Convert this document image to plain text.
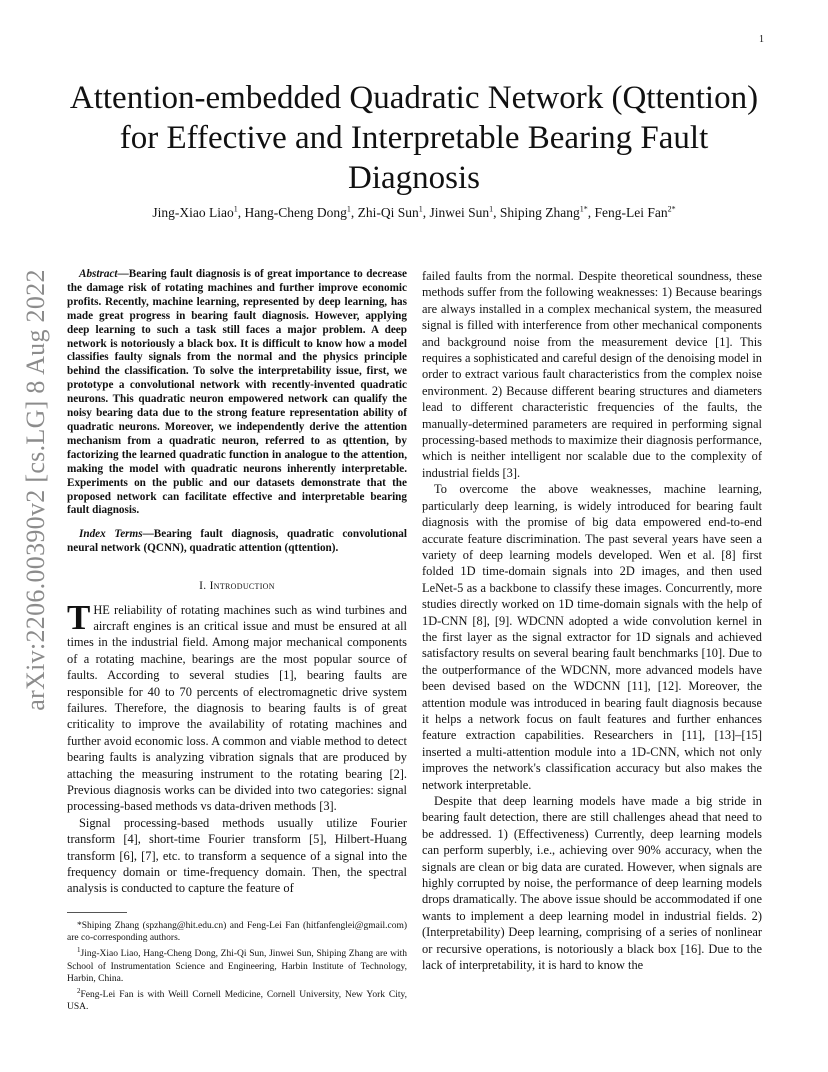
1
arXiv:2206.00390v2 [cs.LG] 8 Aug 2022
Attention-embedded Quadratic Network (Qttention) for Effective and Interpretable Bearing Fault Diagnosis
Jing-Xiao Liao$^1$, Hang-Cheng Dong$^1$, Zhi-Qi Sun$^1$, Jinwei Sun$^1$, Shiping Zhang$^{1*}$, Feng-Lei Fan$^{2*}$

Abstract—Bearing fault diagnosis is of great importance to decrease the damage risk of rotating machines and further improve economic profits. Recently, machine learning, represented by deep learning, has made great progress in bearing fault diagnosis. However, applying deep learning to such a task still faces a major problem. A deep network is notoriously a black box. It is difficult to know how a model classifies faulty signals from the normal and the physics principle behind the classification. To solve the interpretability issue, first, we prototype a convolutional network with recently-invented quadratic neurons. This quadratic neuron empowered network can qualify the noisy bearing data due to the strong feature representation ability of quadratic neurons. Moreover, we independently derive the attention mechanism from a quadratic neuron, referred to as qttention, by factorizing the learned quadratic function in analogue to the attention, making the model with quadratic neurons inherently interpretable. Experiments on the public and our datasets demonstrate that the proposed network can facilitate effective and interpretable bearing fault diagnosis.

Index Terms—Bearing fault diagnosis, quadratic convolutional neural network (QCNN), quadratic attention (qttention).

I. Introduction

THE reliability of rotating machines such as wind turbines and aircraft engines is an critical issue and must be ensured at all times in the industrial field. Among major mechanical components of a rotating machine, bearings are the most popular source of faults. According to several studies [1], bearing faults are responsible for 40 to 70 percents of electromagnetic drive system failures. Therefore, the diagnosis to bearing faults is of great criticality to improve the availability of rotating machines and further avoid economic loss. A common and viable method to detect bearing faults is analyzing vibration signals that are produced by attaching the measuring instrument to the rotating bearing [2]. Previous diagnosis works can be divided into two categories: signal processing-based methods vs data-driven methods [3].

Signal processing-based methods usually utilize Fourier transform [4], short-time Fourier transform [5], Hilbert-Huang transform [6], [7], etc. to transform a sequence of a signal into the frequency domain or time-frequency domain. Then, the spectral analysis is conducted to capture the feature of

*Shiping Zhang (spzhang@hit.edu.cn) and Feng-Lei Fan (hitfanfenglei@gmail.com) are co-corresponding authors.

$^1$Jing-Xiao Liao, Hang-Cheng Dong, Zhi-Qi Sun, Jinwei Sun, Shiping Zhang are with School of Instrumentation Science and Engineering, Harbin Institute of Technology, Harbin, China.

$^2$Feng-Lei Fan is with Weill Cornell Medicine, Cornell University, New York City, USA.

failed faults from the normal. Despite theoretical soundness, these methods suffer from the following weaknesses: 1) Because bearings are always installed in a complex mechanical system, the measured signal is filled with interference from other mechanical components and background noise from the measurement device [1]. This requires a sophisticated and careful design of the denoising model in order to extract various fault characteristics from the complex noise environment. 2) Because different bearing structures and diameters lead to different characteristic frequencies of the faults, the manually-determined parameters are required in performing signal processing-based methods to maximize their diagnosis performance, which is neither intelligent nor scalable due to the complexity of industrial fields [3].

To overcome the above weaknesses, machine learning, particularly deep learning, is widely introduced for bearing fault diagnosis with the promise of big data empowered end-to-end accurate feature discrimination. The past several years have seen a variety of deep learning models developed. Wen et al. [8] first folded 1D time-domain signals into 2D images, and then used LeNet-5 as a backbone to classify these images. Concurrently, more studies directly worked on 1D time-domain signals with the help of 1D-CNN [8], [9]. WDCNN adopted a wide convolution kernel in the first layer as the signal extractor for 1D signals and achieved satisfactory results on several bearing fault benchmarks [10]. Due to the outperformance of the WDCNN, more advanced models have been devised based on the WDCNN [11], [12]. Moreover, the attention module was introduced in bearing fault diagnosis because it helps a network focus on fault features and further enhances feature extraction capabilities. Researchers in [11], [13]–[15] inserted a multi-attention module into a 1D-CNN, which not only improves the network's classification accuracy but also makes the network interpretable.

Despite that deep learning models have made a big stride in bearing fault detection, there are still challenges ahead that need to be addressed. 1) (Effectiveness) Currently, deep learning models can perform superbly, i.e., achieving over 90% accuracy, when the signals are clean or big data are curated. However, when signals are highly corrupted by noise, the performance of deep learning models drops dramatically. The above issue should be accommodated if one wants to implement a deep learning model in industrial fields. 2) (Interpretability) Deep learning, comprising of a series of nonlinear or recursive operations, is notoriously a black box [16]. Due to the lack of interpretability, it is hard to know the
